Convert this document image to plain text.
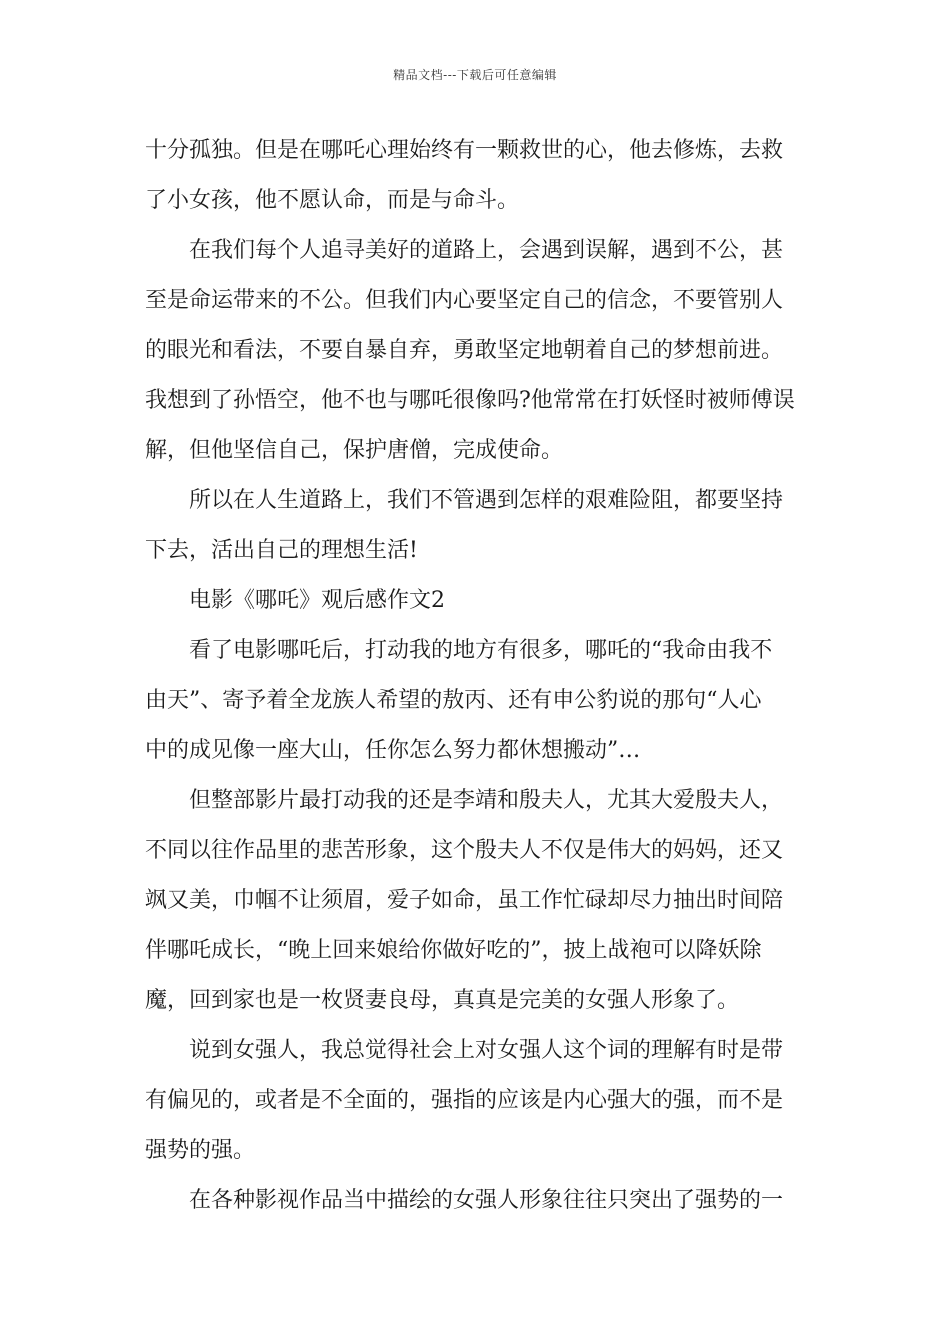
精品文档---下载后可任意编辑
十分孤独。但是在哪吒心理始终有一颗救世的心，他去修炼，去救
了小女孩，他不愿认命，而是与命斗。
在我们每个人追寻美好的道路上，会遇到误解，遇到不公，甚
至是命运带来的不公。但我们内心要坚定自己的信念，不要管别人
的眼光和看法，不要自暴自弃，勇敢坚定地朝着自己的梦想前进。
我想到了孙悟空，他不也与哪吒很像吗?他常常在打妖怪时被师傅误
解，但他坚信自己，保护唐僧，完成使命。
所以在人生道路上，我们不管遇到怎样的艰难险阻，都要坚持
下去，活出自己的理想生活!
电影《哪吒》观后感作文2
看了电影哪吒后，打动我的地方有很多，哪吒的“我命由我不
由天”、寄予着全龙族人希望的敖丙、还有申公豹说的那句“人心
中的成见像一座大山，任你怎么努力都休想搬动”…
但整部影片最打动我的还是李靖和殷夫人，尤其大爱殷夫人，
不同以往作品里的悲苦形象，这个殷夫人不仅是伟大的妈妈，还又
飒又美，巾帼不让须眉，爱子如命，虽工作忙碌却尽力抽出时间陪
伴哪吒成长，“晚上回来娘给你做好吃的”，披上战袍可以降妖除
魔，回到家也是一枚贤妻良母，真真是完美的女强人形象了。
说到女强人，我总觉得社会上对女强人这个词的理解有时是带
有偏见的，或者是不全面的，强指的应该是内心强大的强，而不是
强势的强。
在各种影视作品当中描绘的女强人形象往往只突出了强势的一
